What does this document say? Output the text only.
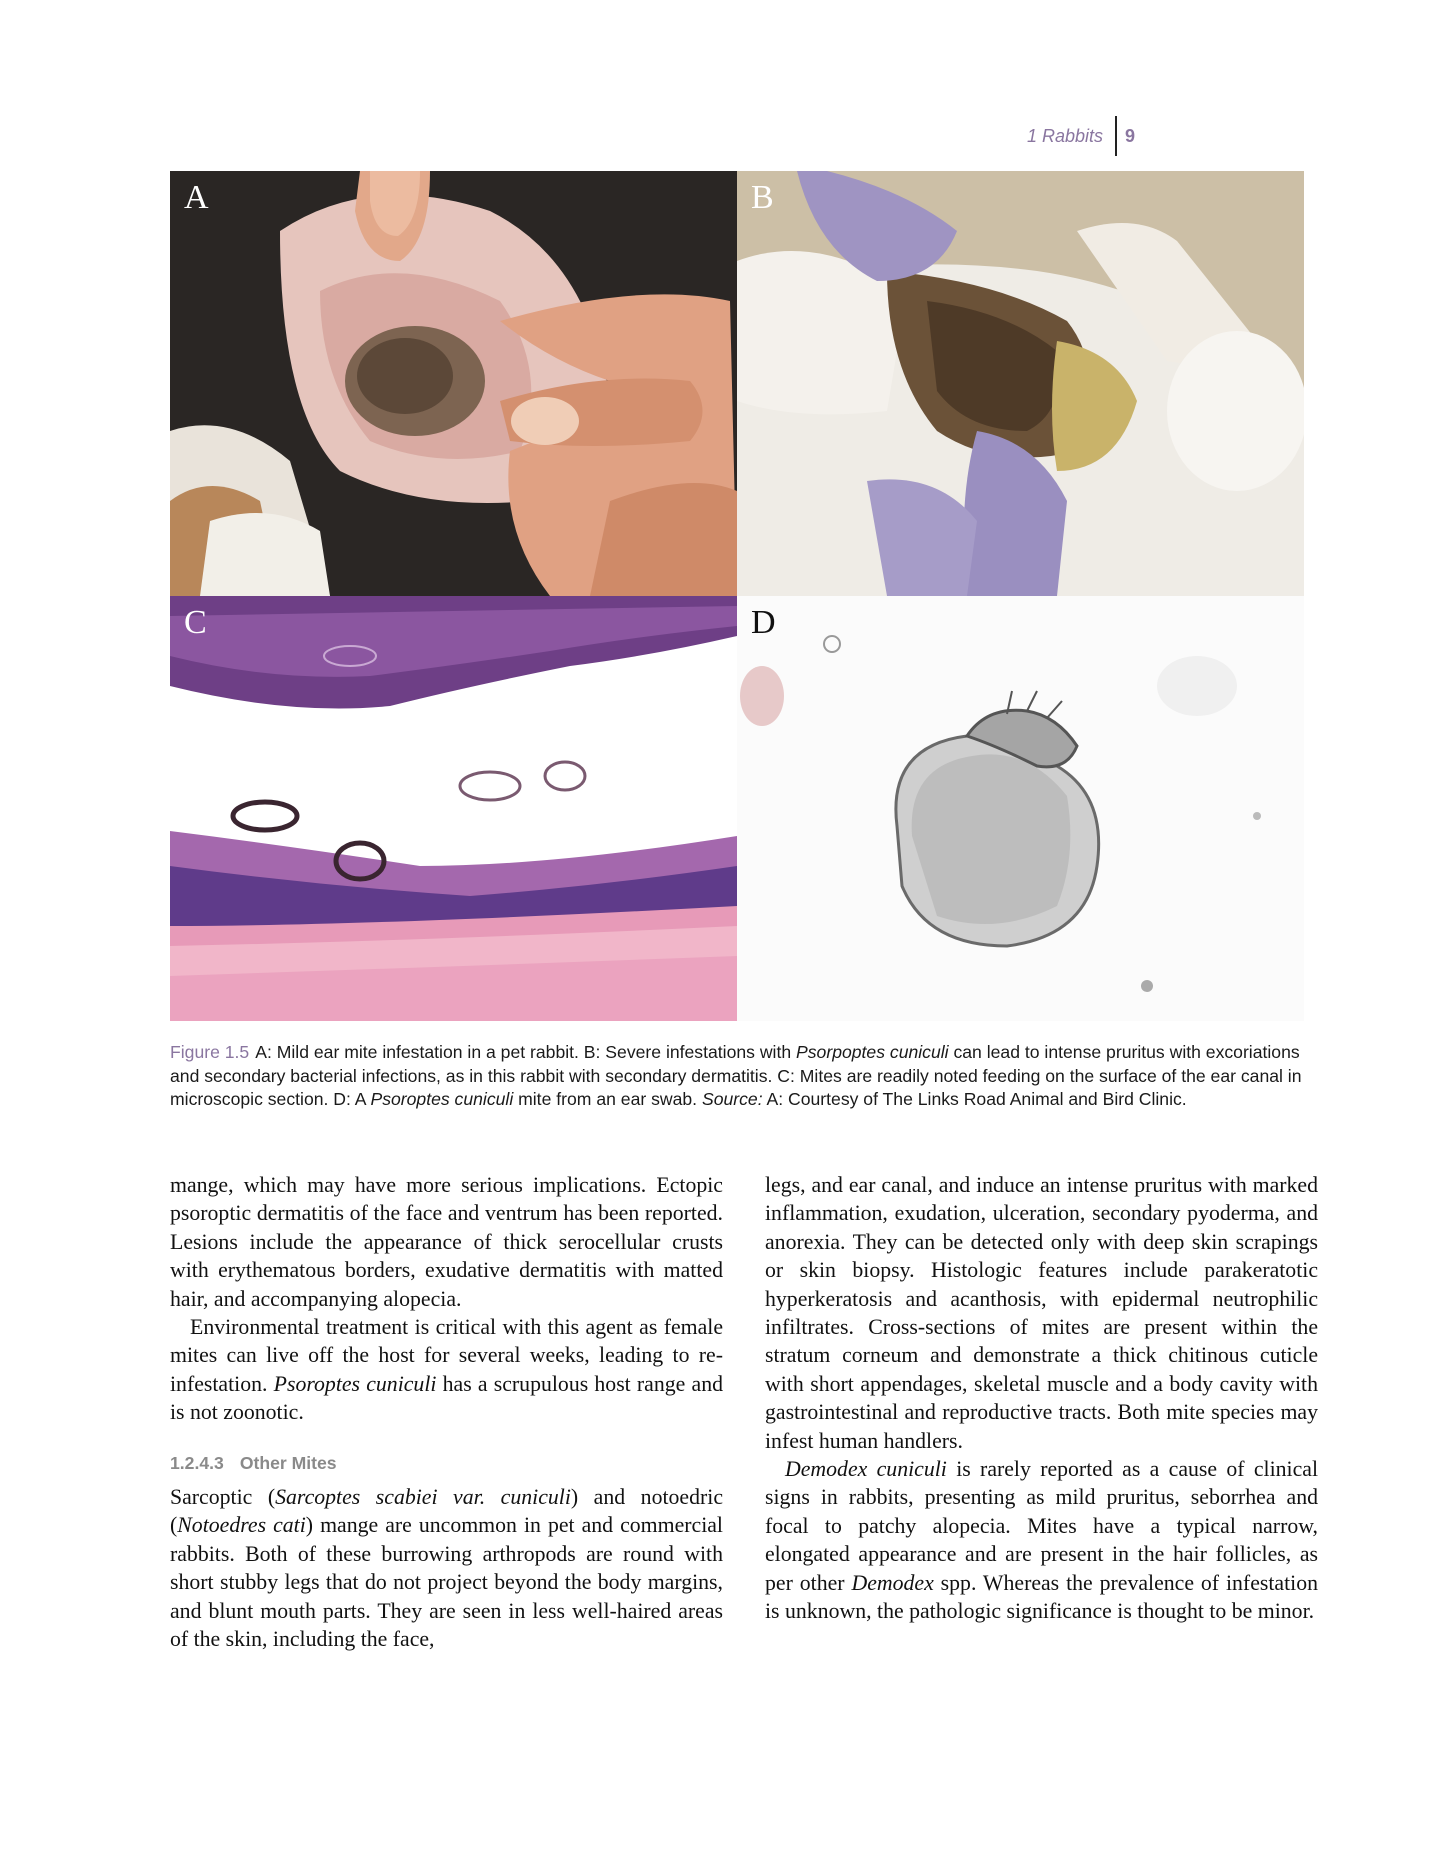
1 Rabbits	9
A	B
C	D
Figure 1.5 A: Mild ear mite infestation in a pet rabbit. B: Severe infestations with Psorpoptes cuniculi can lead to intense pruritus with excoriations and secondary bacterial infections, as in this rabbit with secondary dermatitis. C: Mites are readily noted feeding on the surface of the ear canal in microscopic section. D: A Psoroptes cuniculi mite from an ear swab. Source: A: Courtesy of The Links Road Animal and Bird Clinic.

mange, which may have more serious implications. Ectopic psoroptic dermatitis of the face and ventrum has been reported. Lesions include the appearance of thick serocellular crusts with erythematous borders, exudative dermatitis with matted hair, and accompanying alopecia.

Environmental treatment is critical with this agent as female mites can live off the host for several weeks, leading to re-infestation. Psoroptes cuniculi has a scrupulous host range and is not zoonotic.

1.2.4.3 Other Mites

Sarcoptic (Sarcoptes scabiei var. cuniculi) and notoedric (Notoedres cati) mange are uncommon in pet and commercial rabbits. Both of these burrowing arthropods are round with short stubby legs that do not project beyond the body margins, and blunt mouth parts. They are seen in less well-haired areas of the skin, including the face,

legs, and ear canal, and induce an intense pruritus with marked inflammation, exudation, ulceration, secondary pyoderma, and anorexia. They can be detected only with deep skin scrapings or skin biopsy. Histologic features include parakeratotic hyperkeratosis and acanthosis, with epidermal neutrophilic infiltrates. Cross-sections of mites are present within the stratum corneum and demonstrate a thick chitinous cuticle with short appendages, skeletal muscle and a body cavity with gastrointestinal and reproductive tracts. Both mite species may infest human handlers.

Demodex cuniculi is rarely reported as a cause of clinical signs in rabbits, presenting as mild pruritus, seborrhea and focal to patchy alopecia. Mites have a typical narrow, elongated appearance and are present in the hair follicles, as per other Demodex spp. Whereas the prevalence of infestation is unknown, the pathologic significance is thought to be minor.
